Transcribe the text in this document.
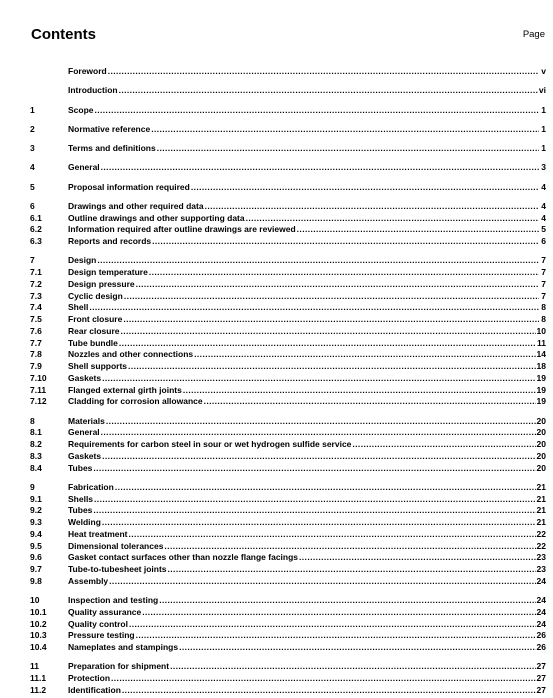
Contents	Page
Foreword .....	v
Introduction .....	vi
1	Scope .....	1
2	Normative reference .....	1
3	Terms and definitions .....	1
4	General .....	3
5	Proposal information required .....	4
6	Drawings and other required data .....	4
6.1	Outline drawings and other supporting data .....	4
6.2	Information required after outline drawings are reviewed .....	5
6.3	Reports and records .....	6
7	Design .....	7
7.1	Design temperature .....	7
7.2	Design pressure .....	7
7.3	Cyclic design .....	7
7.4	Shell .....	8
7.5	Front closure .....	8
7.6	Rear closure .....	10
7.7	Tube bundle .....	11
7.8	Nozzles and other connections .....	14
7.9	Shell supports .....	18
7.10	Gaskets .....	19
7.11	Flanged external girth joints .....	19
7.12	Cladding for corrosion allowance .....	19
8	Materials .....	20
8.1	General .....	20
8.2	Requirements for carbon steel in sour or wet hydrogen sulfide service .....	20
8.3	Gaskets .....	20
8.4	Tubes .....	20
9	Fabrication .....	21
9.1	Shells .....	21
9.2	Tubes .....	21
9.3	Welding .....	21
9.4	Heat treatment .....	22
9.5	Dimensional tolerances .....	22
9.6	Gasket contact surfaces other than nozzle flange facings .....	23
9.7	Tube-to-tubesheet joints .....	23
9.8	Assembly .....	24
10	Inspection and testing .....	24
10.1	Quality assurance .....	24
10.2	Quality control .....	24
10.3	Pressure testing .....	26
10.4	Nameplates and stampings .....	26
11	Preparation for shipment .....	27
11.1	Protection .....	27
11.2	Identification .....	27
